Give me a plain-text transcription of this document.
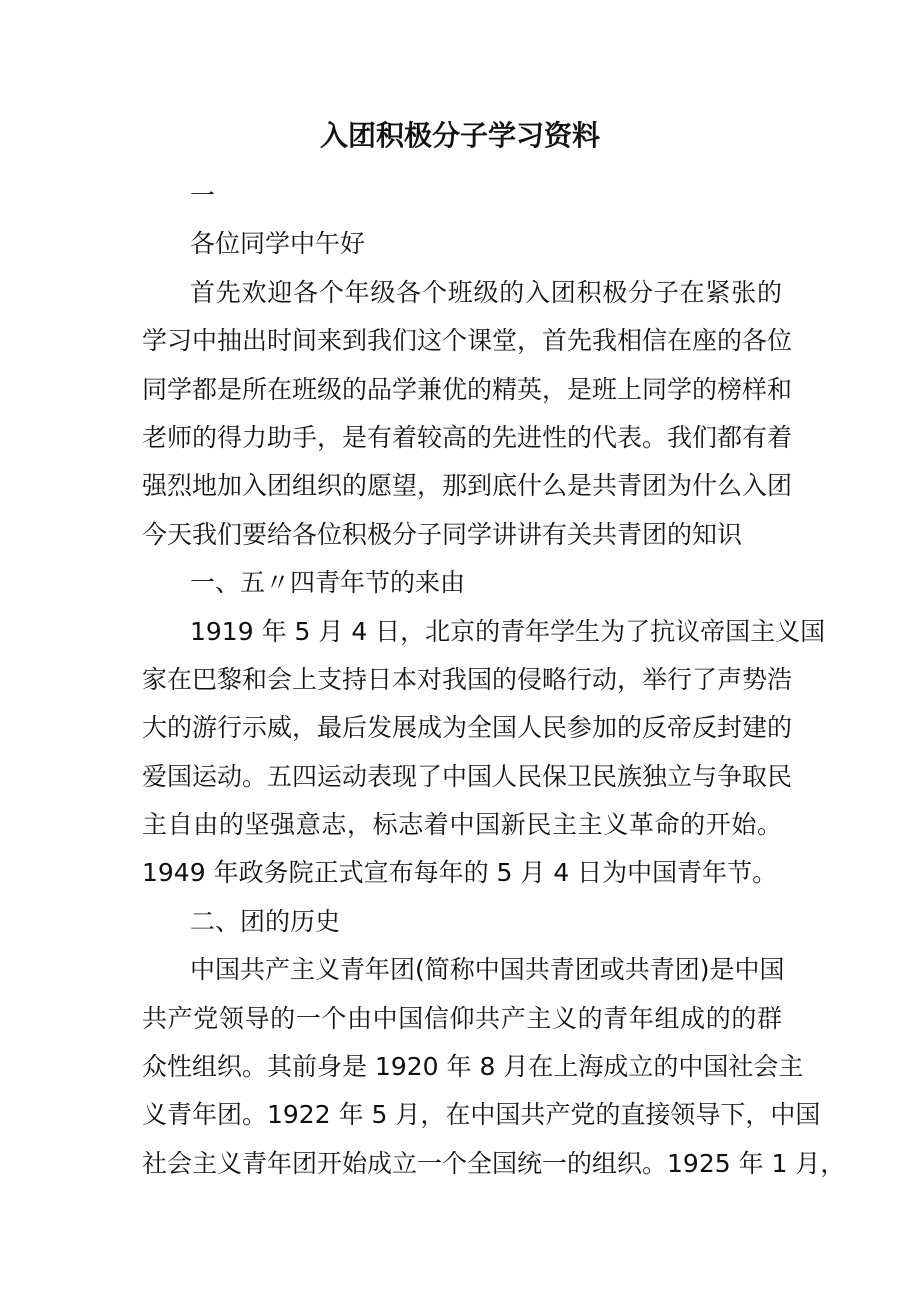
入团积极分子学习资料
一
各位同学中午好
首先欢迎各个年级各个班级的入团积极分子在紧张的
学习中抽出时间来到我们这个课堂，首先我相信在座的各位
同学都是所在班级的品学兼优的精英，是班上同学的榜样和
老师的得力助手，是有着较高的先进性的代表。我们都有着
强烈地加入团组织的愿望，那到底什么是共青团为什么入团
今天我们要给各位积极分子同学讲讲有关共青团的知识
一、五〃四青年节的来由
1919 年 5 月 4 日，北京的青年学生为了抗议帝国主义国
家在巴黎和会上支持日本对我国的侵略行动，举行了声势浩
大的游行示威，最后发展成为全国人民参加的反帝反封建的
爱国运动。五四运动表现了中国人民保卫民族独立与争取民
主自由的坚强意志，标志着中国新民主主义革命的开始。
1949 年政务院正式宣布每年的 5 月 4 日为中国青年节。
二、团的历史
中国共产主义青年团(简称中国共青团或共青团)是中国
共产党领导的一个由中国信仰共产主义的青年组成的的群
众性组织。其前身是 1920 年 8 月在上海成立的中国社会主
义青年团。1922 年 5 月，在中国共产党的直接领导下，中国
社会主义青年团开始成立一个全国统一的组织。1925 年 1 月，
